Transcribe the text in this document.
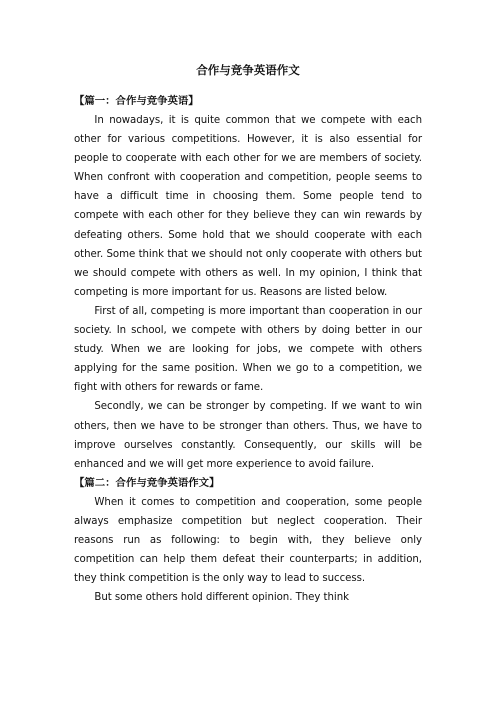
合作与竞争英语作文

【篇一：合作与竞争英语】

In nowadays, it is quite common that we compete with each other for various competitions. However, it is also essential for people to cooperate with each other for we are members of society. When confront with cooperation and competition, people seems to have a difficult time in choosing them. Some people tend to compete with each other for they believe they can win rewards by defeating others. Some hold that we should cooperate with each other. Some think that we should not only cooperate with others but we should compete with others as well. In my opinion, I think that competing is more important for us. Reasons are listed below.

First of all, competing is more important than cooperation in our society. In school, we compete with others by doing better in our study. When we are looking for jobs, we compete with others applying for the same position. When we go to a competition, we fight with others for rewards or fame.

Secondly, we can be stronger by competing. If we want to win others, then we have to be stronger than others. Thus, we have to improve ourselves constantly. Consequently, our skills will be enhanced and we will get more experience to avoid failure.

【篇二：合作与竞争英语作文】

When it comes to competition and cooperation, some people always emphasize competition but neglect cooperation. Their reasons run as following: to begin with, they believe only competition can help them defeat their counterparts; in addition, they think competition is the only way to lead to success.

But some others hold different opinion. They think
